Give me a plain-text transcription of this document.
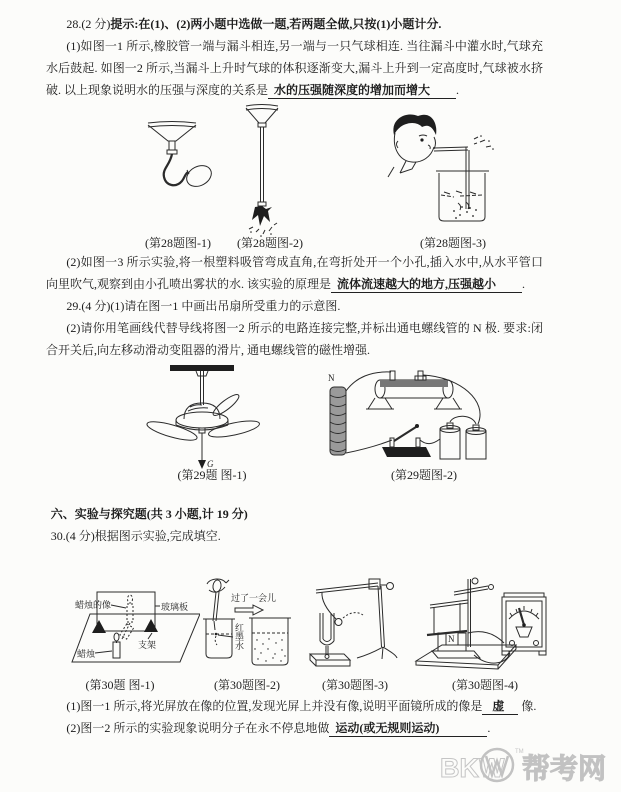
28.(2 分)提示:在(1)、(2)两小题中选做一题,若两题全做,只按(1)小题计分.

(1)如图一1 所示,橡胶管一端与漏斗相连,另一端与一只气球相连. 当往漏斗中灌水时,气球充水后鼓起. 如图一2 所示,当漏斗上升时气球的体积逐渐变大,漏斗上升到一定高度时,气球被水挤破. 以上现象说明水的压强与深度的关系是 水的压强随深度的增加而增大 .

(第28题图-1)	(第28题图-2)	(第28题图-3)

(2)如图一3 所示实验,将一根塑料吸管弯成直角,在弯折处开一个小孔,插入水中,从水平管口向里吹气,观察到由小孔喷出雾状的水. 该实验的原理是 流体流速越大的地方,压强越小 .

29.(4 分)(1)请在图一1 中画出吊扇所受重力的示意图.

(2)请你用笔画线代替导线将图一2 所示的电路连接完整,并标出通电螺线管的 N 极. 要求:闭合开关后,向左移动滑动变阻器的滑片, 通电螺线管的磁性增强.

G
N
(第29题 图-1)	(第29题图-2)

六、实验与探究题(共 3 小题,计 19 分)

30.(4 分)根据图示实验,完成填空.

蜡烛的像	玻璃板
支架
蜡烛
过了一会儿
红墨水	N
(第30题 图-1)	(第30题图-2)	(第30题图-3)	(第30题图-4)

(1)图一1 所示,将光屏放在像的位置,发现光屏上并没有像,说明平面镜所成的像是 虚 像.

(2)图一2 所示的实验现象说明分子在永不停息地做 运动(或无规则运动)	.

BKW
TM
帮考网
